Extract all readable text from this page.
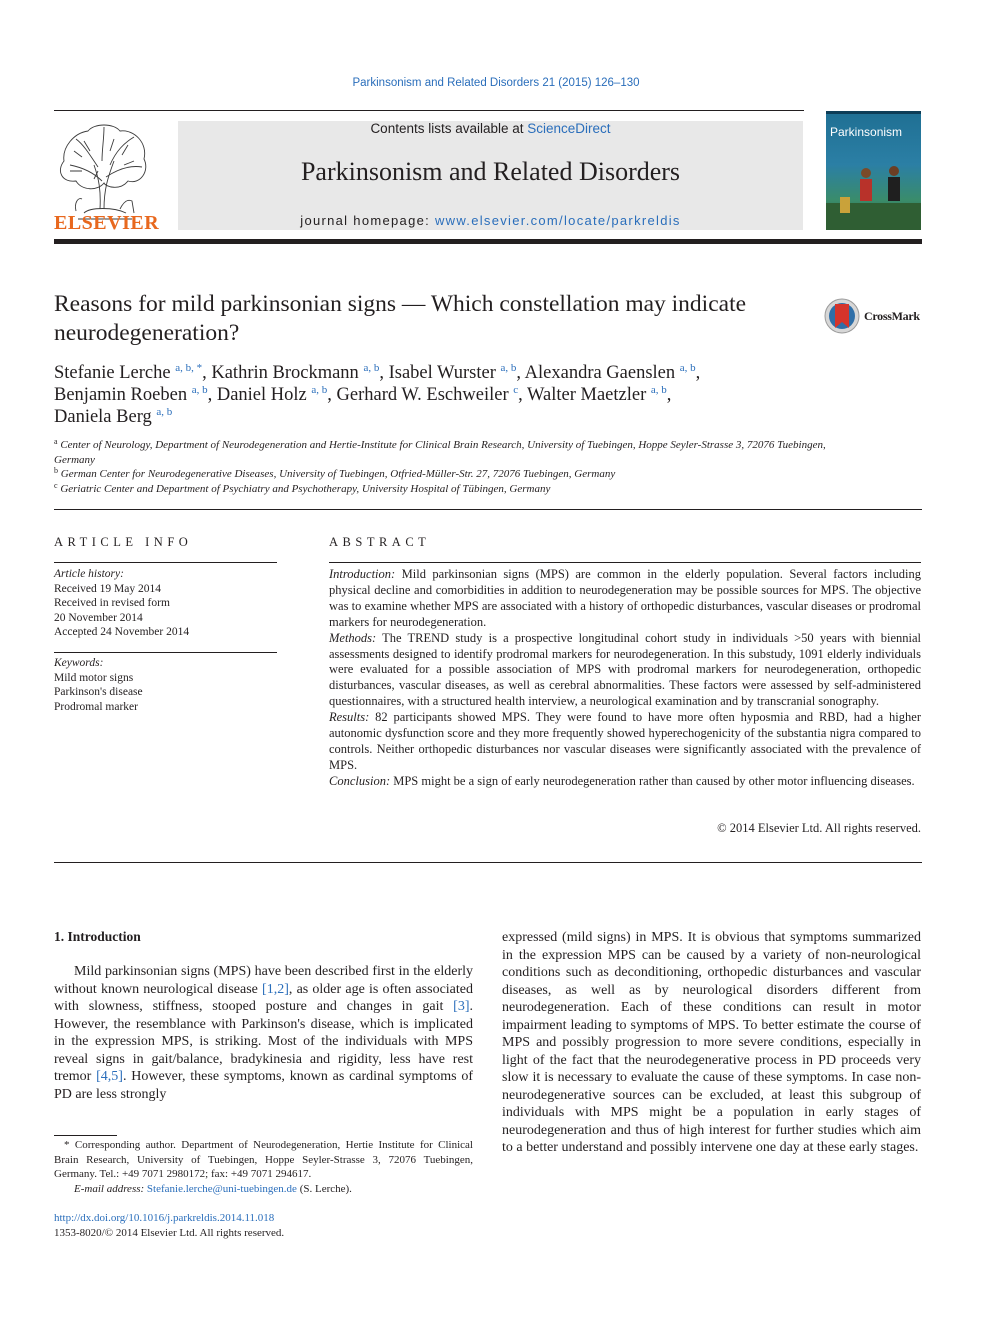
Parkinsonism and Related Disorders 21 (2015) 126–130
ELSEVIER
Contents lists available at ScienceDirect
Parkinsonism and Related Disorders
journal homepage: www.elsevier.com/locate/parkreldis
Parkinsonism
Reasons for mild parkinsonian signs — Which constellation may indicate neurodegeneration?
CrossMark
Stefanie Lerche $^{a, b, *}$, Kathrin Brockmann $^{a, b}$, Isabel Wurster $^{a, b}$, Alexandra Gaenslen $^{a, b}$,
Benjamin Roeben $^{a, b}$, Daniel Holz $^{a, b}$, Gerhard W. Eschweiler $^c$, Walter Maetzler $^{a, b}$,
Daniela Berg $^{a, b}$
$^a$ Center of Neurology, Department of Neurodegeneration and Hertie-Institute for Clinical Brain Research, University of Tuebingen, Hoppe Seyler-Strasse 3, 72076 Tuebingen, Germany
$^b$ German Center for Neurodegenerative Diseases, University of Tuebingen, Otfried-Müller-Str. 27, 72076 Tuebingen, Germany
$^c$ Geriatric Center and Department of Psychiatry and Psychotherapy, University Hospital of Tübingen, Germany
ARTICLE INFO
Article history:
Received 19 May 2014
Received in revised form
20 November 2014
Accepted 24 November 2014
Keywords:
Mild motor signs
Parkinson's disease
Prodromal marker
ABSTRACT
Introduction: Mild parkinsonian signs (MPS) are common in the elderly population. Several factors including physical decline and comorbidities in addition to neurodegeneration may be possible sources for MPS. The objective was to examine whether MPS are associated with a history of orthopedic disturbances, vascular diseases or prodromal markers for neurodegeneration.
Methods: The TREND study is a prospective longitudinal cohort study in individuals >50 years with biennial assessments designed to identify prodromal markers for neurodegeneration. In this substudy, 1091 elderly individuals were evaluated for a possible association of MPS with prodromal markers for neurodegeneration, orthopedic disturbances, vascular diseases, as well as cerebral abnormalities. These factors were assessed by self-administered questionnaires, with a structured health interview, a neurological examination and by transcranial sonography.
Results: 82 participants showed MPS. They were found to have more often hyposmia and RBD, had a higher autonomic dysfunction score and they more frequently showed hyperechogenicity of the substantia nigra compared to controls. Neither orthopedic disturbances nor vascular diseases were significantly associated with the prevalence of MPS.
Conclusion: MPS might be a sign of early neurodegeneration rather than caused by other motor influencing diseases.
© 2014 Elsevier Ltd. All rights reserved.
1. Introduction
Mild parkinsonian signs (MPS) have been described first in the elderly without known neurological disease [1,2], as older age is often associated with slowness, stiffness, stooped posture and changes in gait [3]. However, the resemblance with Parkinson's disease, which is implicated in the expression MPS, is striking. Most of the individuals with MPS reveal signs in gait/balance, bradykinesia and rigidity, less have rest tremor [4,5]. However, these symptoms, known as cardinal symptoms of PD are less strongly
expressed (mild signs) in MPS. It is obvious that symptoms summarized in the expression MPS can be caused by a variety of non-neurological conditions such as deconditioning, orthopedic disturbances and vascular diseases, as well as by neurological disorders different from neurodegeneration. Each of these conditions can result in motor impairment leading to symptoms of MPS. To better estimate the course of MPS and possibly progression to more severe conditions, especially in light of the fact that the neurodegenerative process in PD proceeds very slow it is necessary to evaluate the cause of these symptoms. In case non-neurodegenerative sources can be excluded, at least this subgroup of individuals with MPS might be a population in early stages of neurodegeneration and thus of high interest for further studies which aim to a better understand and possibly intervene one day at these early stages.
* Corresponding author. Department of Neurodegeneration, Hertie Institute for Clinical Brain Research, University of Tuebingen, Hoppe Seyler-Strasse 3, 72076 Tuebingen, Germany. Tel.: +49 7071 2980172; fax: +49 7071 294617.
E-mail address: Stefanie.lerche@uni-tuebingen.de (S. Lerche).
http://dx.doi.org/10.1016/j.parkreldis.2014.11.018
1353-8020/© 2014 Elsevier Ltd. All rights reserved.
